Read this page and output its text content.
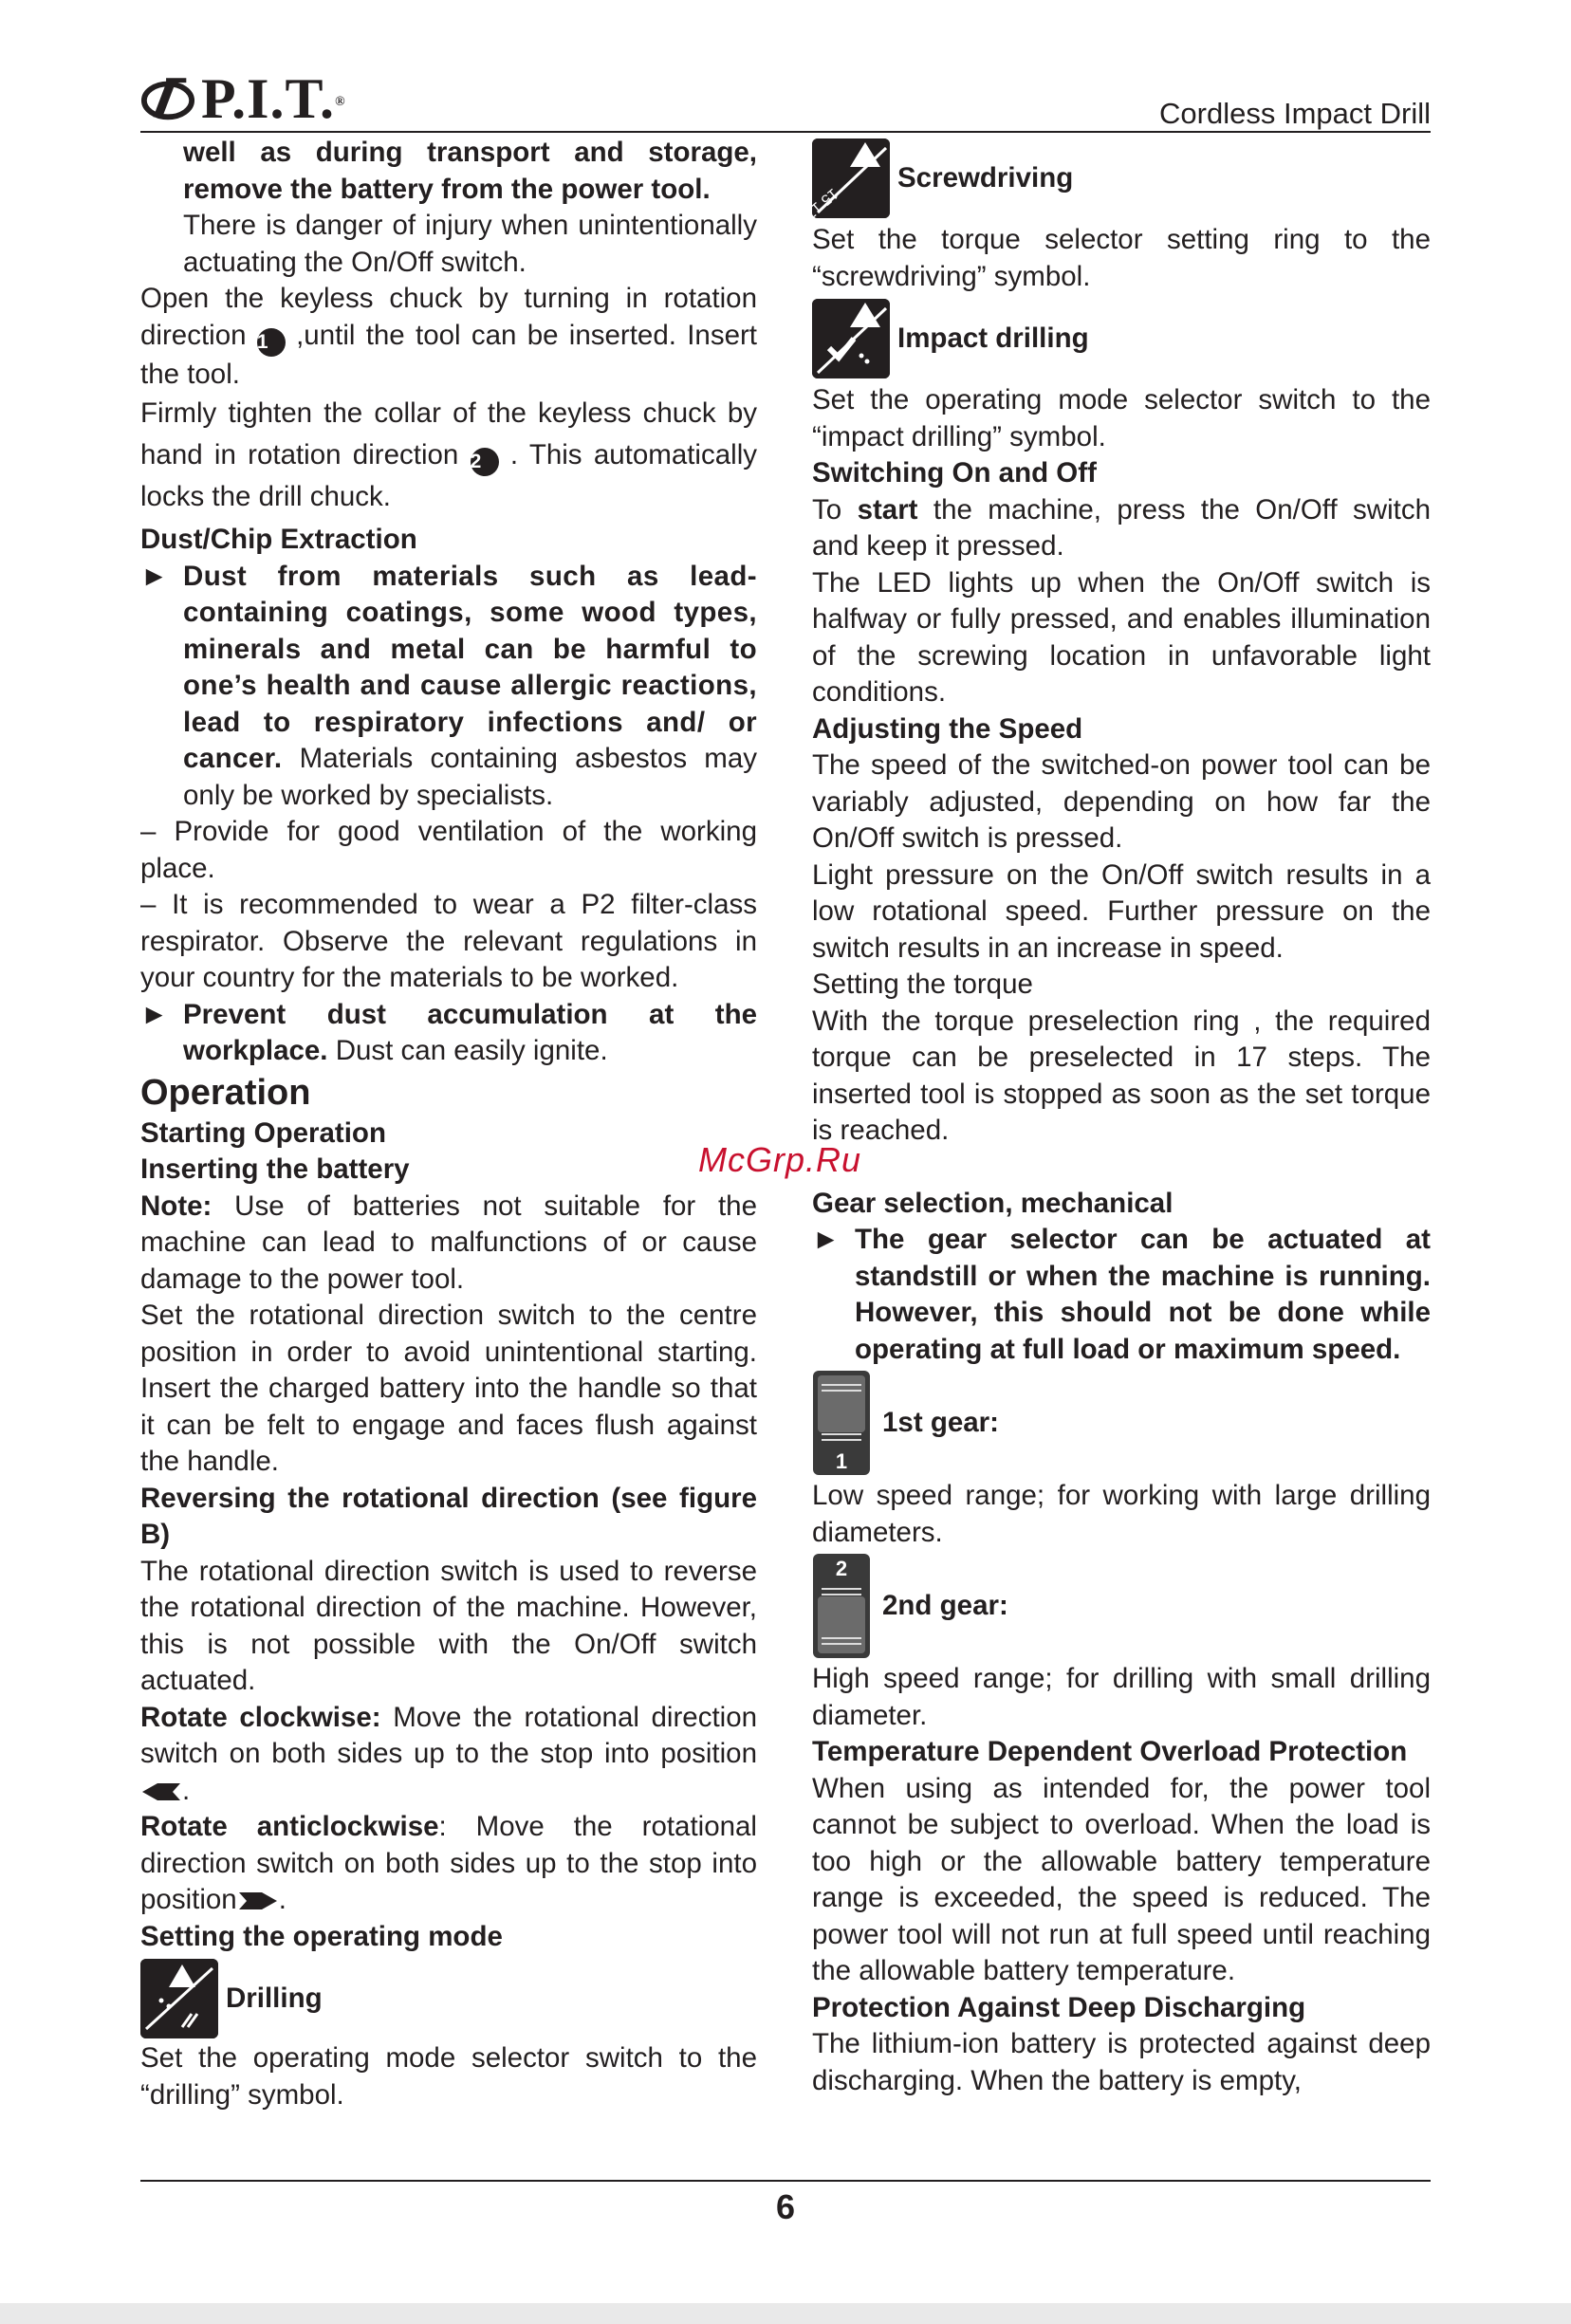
P.I.T.®	Cordless Impact Drill

well as during transport and storage, remove the battery from the power tool.

There is danger of injury when unintentionally actuating the On/Off switch.

Open the keyless chuck by turning in rotation direction 1 ,until the tool can be inserted. Insert the tool.

Firmly tighten the collar of the keyless chuck by hand in rotation direction 2 . This automatically locks the drill chuck.

Dust/Chip Extraction

► Dust from materials such as lead-containing coatings, some wood types, minerals and metal can be harmful to one’s health and cause allergic reactions, lead to respiratory infections and/ or cancer. Materials containing asbestos may only be worked by specialists.

– Provide for good ventilation of the working place.

– It is recommended to wear a P2 filter-class respirator. Observe the relevant regulations in your country for the materials to be worked.

► Prevent dust accumulation at the workplace. Dust can easily ignite.

Operation

Starting Operation

Inserting the battery

Note: Use of batteries not suitable for the machine can lead to malfunctions of or cause damage to the power tool.

Set the rotational direction switch to the centre position in order to avoid unintentional starting. Insert the charged battery into the handle so that it can be felt to engage and faces flush against the handle.

Reversing the rotational direction (see figure B)

The rotational direction switch is used to reverse the rotational direction of the machine. However, this is not possible with the On/Off switch actuated.

Rotate clockwise: Move the rotational direction switch on both sides up to the stop into position .

Rotate anticlockwise: Move the rotational direction switch on both sides up to the stop into position .

Setting the operating mode

Drilling

Set the operating mode selector switch to the “drilling” symbol.

15 17
Screwdriving

Set the torque selector setting ring to the “screwdriving” symbol.

Impact drilling

Set the operating mode selector switch to the “impact drilling” symbol.

Switching On and Off

To start the machine, press the On/Off switch and keep it pressed.

The LED lights up when the On/Off switch is halfway or fully pressed, and enables illumination of the screwing location in unfavorable light conditions.

Adjusting the Speed

The speed of the switched-on power tool can be variably adjusted, depending on how far the On/Off switch is pressed.

Light pressure on the On/Off switch results in a low rotational speed. Further pressure on the switch results in an increase in speed.

Setting the torque

With the torque preselection ring , the required torque can be preselected in 17 steps. The inserted tool is stopped as soon as the set torque is reached.

Gear selection, mechanical

► The gear selector can be actuated at standstill or when the machine is running. However, this should not be done while operating at full load or maximum speed.

1
1st gear:

Low speed range; for working with large drilling diameters.

2
2nd gear:

High speed range; for drilling with small drilling diameter.

Temperature Dependent Overload Protection

When using as intended for, the power tool cannot be subject to overload. When the load is too high or the allowable battery temperature range is exceeded, the speed is reduced. The power tool will not run at full speed until reaching the allowable battery temperature.

Protection Against Deep Discharging

The lithium-ion battery is protected against deep discharging. When the battery is empty,

McGrp.Ru
6
